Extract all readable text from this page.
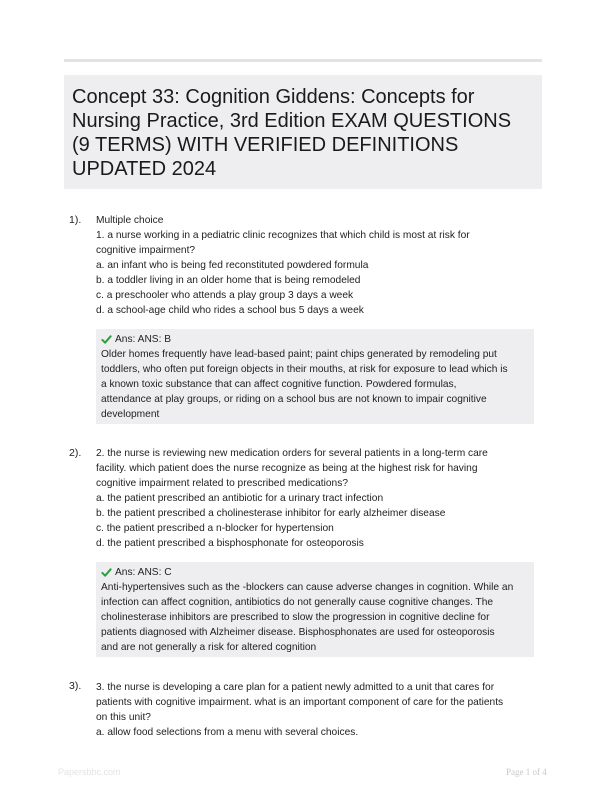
Concept 33: Cognition Giddens: Concepts for Nursing Practice, 3rd Edition EXAM QUESTIONS (9 TERMS) WITH VERIFIED DEFINITIONS UPDATED 2024
1). Multiple choice
1. a nurse working in a pediatric clinic recognizes that which child is most at risk for
cognitive impairment?
a. an infant who is being fed reconstituted powdered formula
b. a toddler living in an older home that is being remodeled
c. a preschooler who attends a play group 3 days a week
d. a school-age child who rides a school bus 5 days a week
Ans: ANS: B
Older homes frequently have lead-based paint; paint chips generated by remodeling put
toddlers, who often put foreign objects in their mouths, at risk for exposure to lead which is
a known toxic substance that can affect cognitive function. Powdered formulas,
attendance at play groups, or riding on a school bus are not known to impair cognitive
development
2). 2. the nurse is reviewing new medication orders for several patients in a long-term care
facility. which patient does the nurse recognize as being at the highest risk for having
cognitive impairment related to prescribed medications?
a. the patient prescribed an antibiotic for a urinary tract infection
b. the patient prescribed a cholinesterase inhibitor for early alzheimer disease
c. the patient prescribed a n-blocker for hypertension
d. the patient prescribed a bisphosphonate for osteoporosis
Ans: ANS: C
Anti-hypertensives such as the -blockers can cause adverse changes in cognition. While an
infection can affect cognition, antibiotics do not generally cause cognitive changes. The
cholinesterase inhibitors are prescribed to slow the progression in cognitive decline for
patients diagnosed with Alzheimer disease. Bisphosphonates are used for osteoporosis
and are not generally a risk for altered cognition
3). 3. the nurse is developing a care plan for a patient newly admitted to a unit that cares for
patients with cognitive impairment. what is an important component of care for the patients
on this unit?
a. allow food selections from a menu with several choices.
Papersbbc.com	Page 1 of 4
